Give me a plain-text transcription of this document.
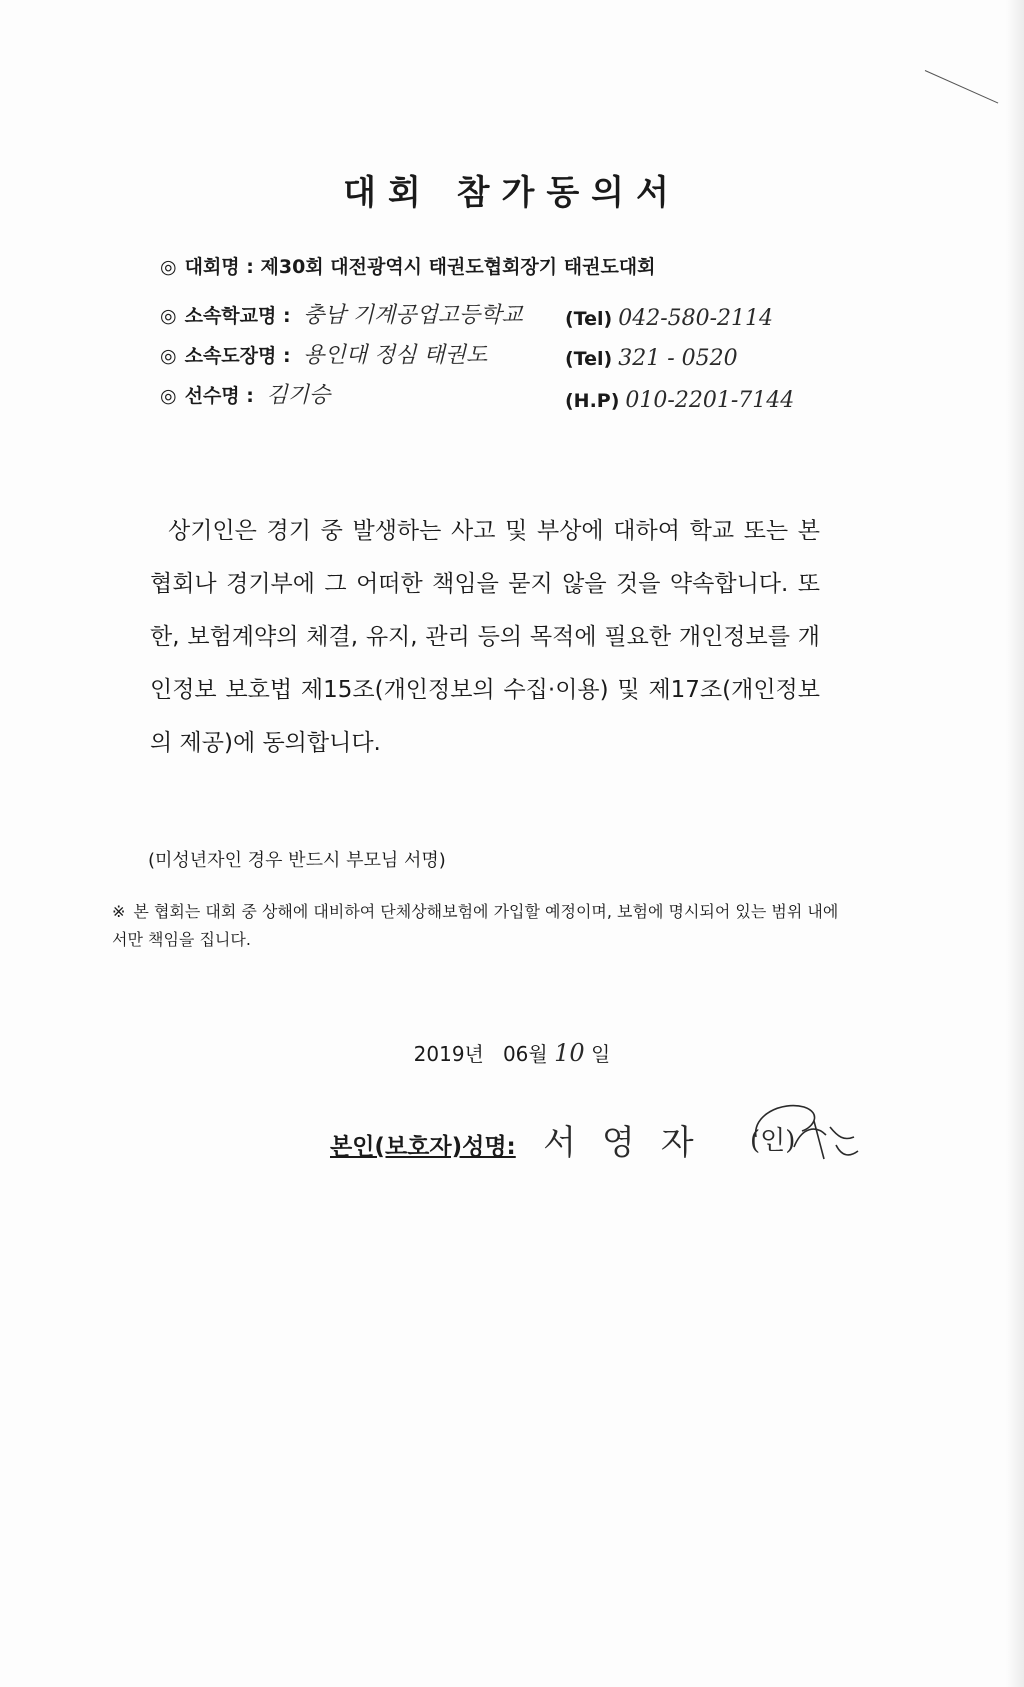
대회 참가동의서
◎ 대회명 : 제30회 대전광역시 태권도협회장기 태권도대회
◎ 소속학교명 : 충남 기계공업고등학교 (Tel) 042-580-2114
◎ 소속도장명 : 용인대 정심 태권도	(Tel) 321 - 0520
◎ 선수명 : 김기승	(H.P) 010-2201-7144
상기인은 경기 중 발생하는 사고 및 부상에 대하여 학교 또는 본 협회나 경기부에 그 어떠한 책임을 묻지 않을 것을 약속합니다. 또한, 보험계약의 체결, 유지, 관리 등의 목적에 필요한 개인정보를 개인정보 보호법 제15조(개인정보의 수집·이용) 및 제17조(개인정보의 제공)에 동의합니다.
(미성년자인 경우 반드시 부모님 서명)
※ 본 협회는 대회 중 상해에 대비하여 단체상해보험에 가입할 예정이며, 보험에 명시되어 있는 범위 내에서만 책임을 집니다.
2019년 06월 10 일
본인(보호자)성명: 서영자 (인)
